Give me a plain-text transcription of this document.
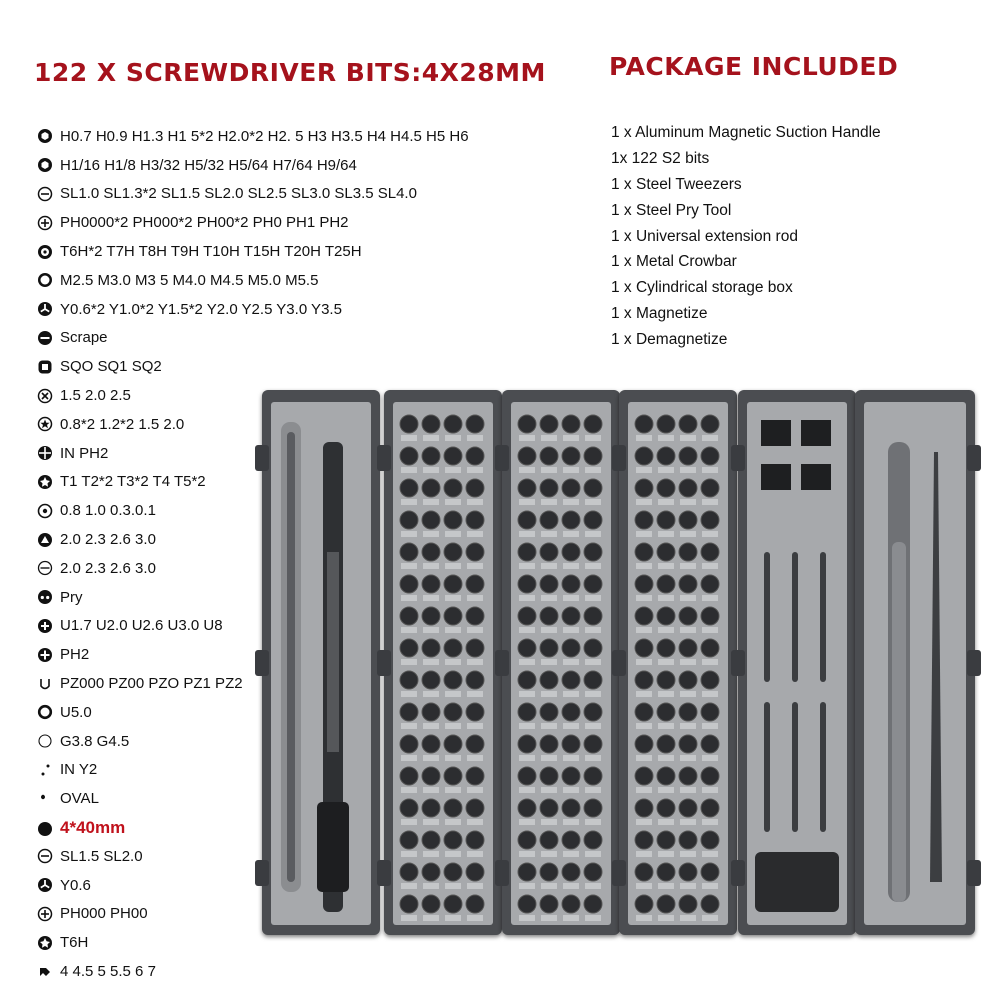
122 X SCREWDRIVER BITS:4X28MM	PACKAGE INCLUDED
H0.7 H0.9 H1.3 H1 5*2 H2.0*2 H2. 5 H3 H3.5 H4 H4.5 H5 H6
H1/16 H1/8 H3/32 H5/32 H5/64 H7/64 H9/64
SL1.0 SL1.3*2 SL1.5 SL2.0 SL2.5 SL3.0 SL3.5 SL4.0
PH0000*2 PH000*2 PH00*2 PH0 PH1 PH2
T6H*2 T7H T8H T9H T10H T15H T20H T25H
M2.5 M3.0 M3 5 M4.0 M4.5 M5.0 M5.5
Y0.6*2 Y1.0*2 Y1.5*2 Y2.0 Y2.5 Y3.0 Y3.5
Scrape
SQO SQ1 SQ2
1.5 2.0 2.5
0.8*2 1.2*2 1.5 2.0
IN PH2
T1 T2*2 T3*2 T4 T5*2
0.8 1.0 0.3.0.1
2.0 2.3 2.6 3.0
2.0 2.3 2.6 3.0
Pry
U1.7 U2.0 U2.6 U3.0 U8
PH2
PZ000 PZ00 PZO PZ1 PZ2
U5.0
G3.8 G4.5
IN Y2
OVAL
4*40mm
SL1.5 SL2.0
Y0.6
PH000 PH00
T6H
4 4.5 5 5.5 6 7
1 x Aluminum Magnetic Suction Handle
1x 122 S2 bits
1 x Steel Tweezers
1 x Steel Pry Tool
1 x Universal extension rod
1 x Metal Crowbar
1 x Cylindrical storage box
1 x Magnetize
1 x Demagnetize
